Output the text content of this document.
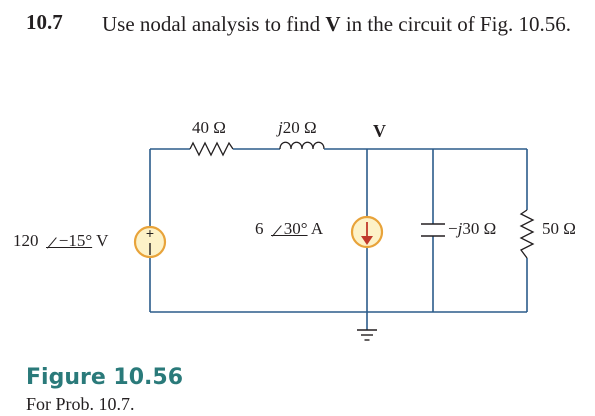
10.7 Use nodal analysis to find V in the circuit of Fig. 10.56.
+
40 Ω	j20 Ω	V
120 −15° V
6 30° A	−j30 Ω	50 Ω
Figure 10.56
For Prob. 10.7.
